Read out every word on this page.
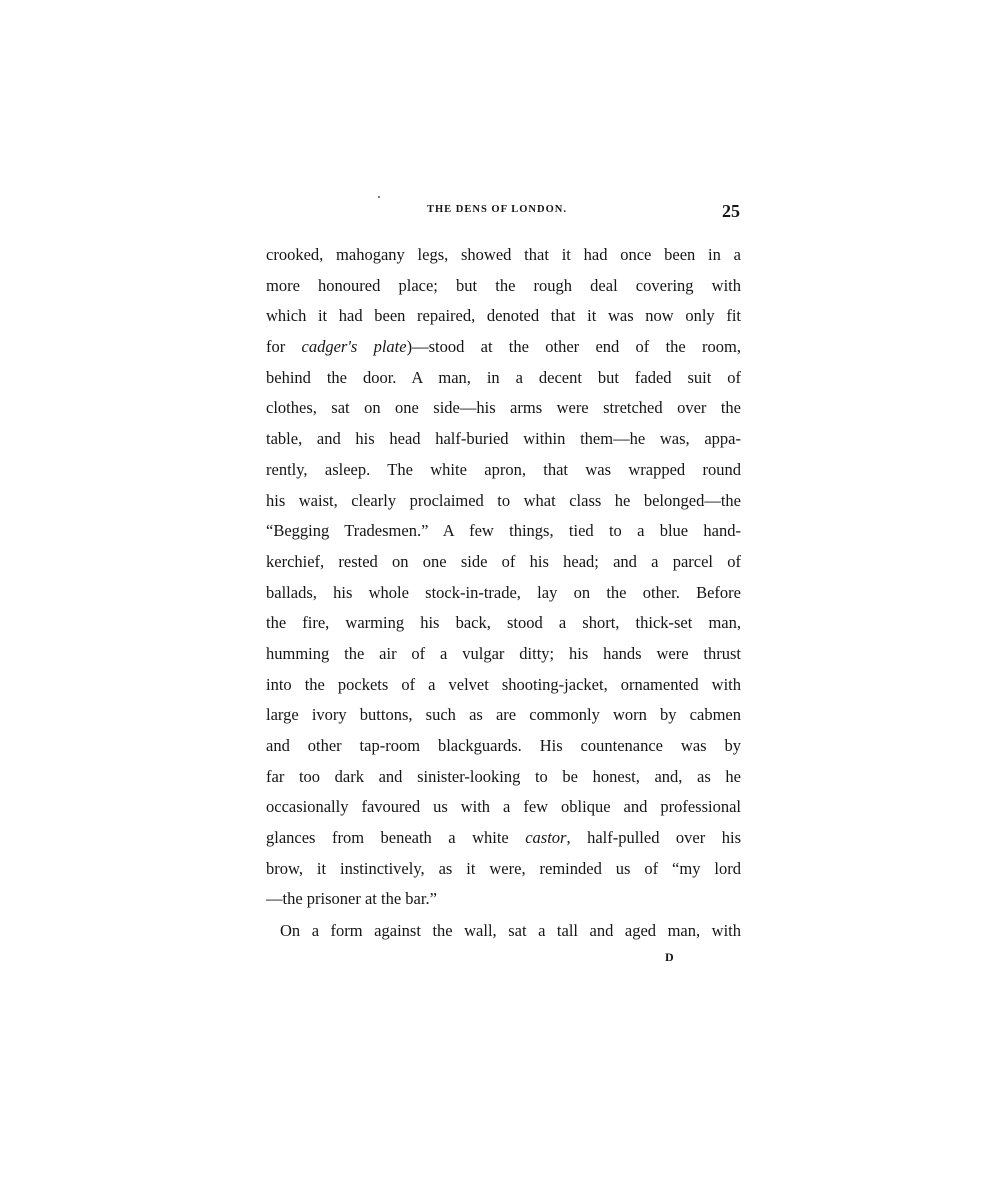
THE DENS OF LONDON.	25
crooked, mahogany legs, showed that it had once been in a
more honoured place; but the rough deal covering with
which it had been repaired, denoted that it was now only fit
for cadger's plate)—stood at the other end of the room,
behind the door. A man, in a decent but faded suit of
clothes, sat on one side—his arms were stretched over the
table, and his head half-buried within them—he was, appa-
rently, asleep. The white apron, that was wrapped round
his waist, clearly proclaimed to what class he belonged—the
“Begging Tradesmen.” A few things, tied to a blue hand-
kerchief, rested on one side of his head; and a parcel of
ballads, his whole stock-in-trade, lay on the other. Before
the fire, warming his back, stood a short, thick-set man,
humming the air of a vulgar ditty; his hands were thrust
into the pockets of a velvet shooting-jacket, ornamented with
large ivory buttons, such as are commonly worn by cabmen
and other tap-room blackguards. His countenance was by
far too dark and sinister-looking to be honest, and, as he
occasionally favoured us with a few oblique and professional
glances from beneath a white castor, half-pulled over his
brow, it instinctively, as it were, reminded us of “my lord
—the prisoner at the bar.”
On a form against the wall, sat a tall and aged man, with
D
